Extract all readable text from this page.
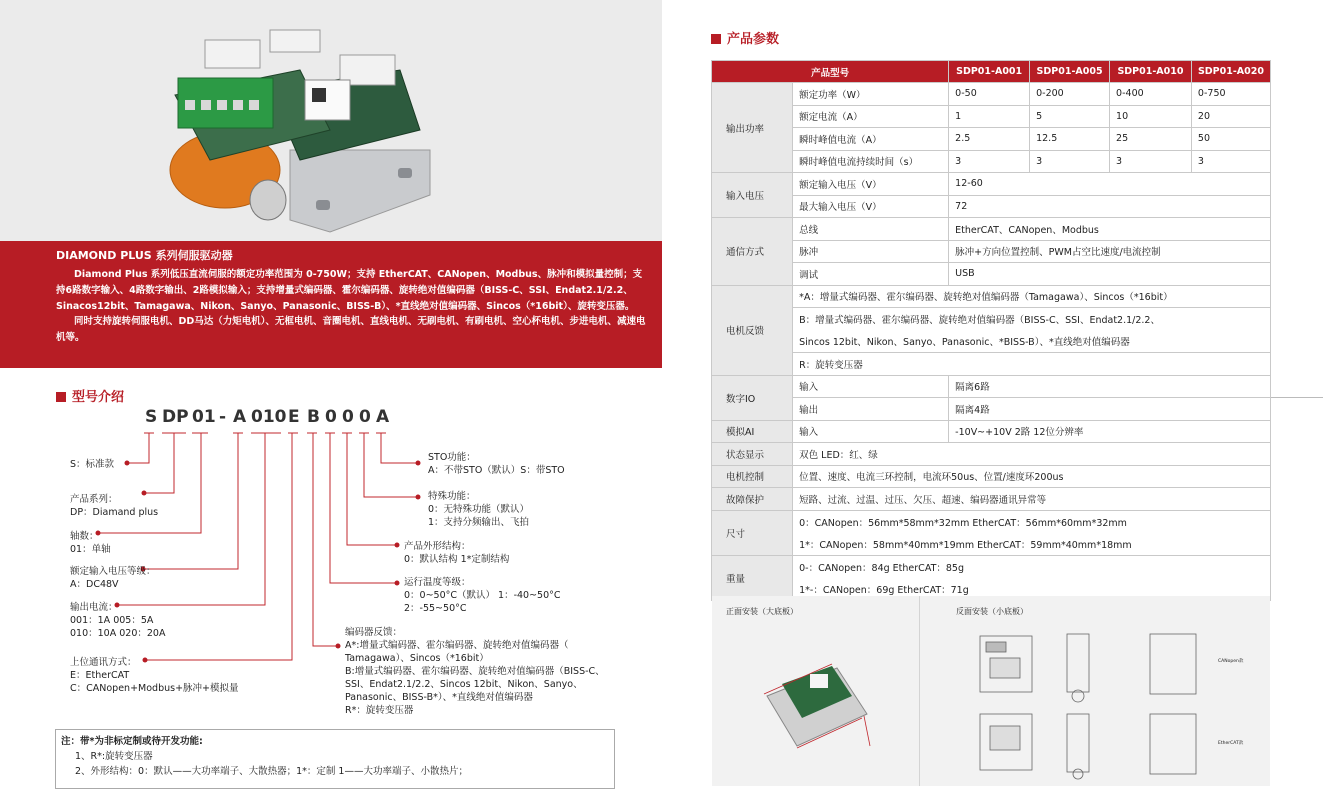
DIAMOND PLUS 系列伺服驱动器

Diamond Plus 系列低压直流伺服的额定功率范围为 0-750W；支持 EtherCAT、CANopen、Modbus、脉冲和模拟量控制；支持6路数字输入、4路数字输出、2路模拟输入；支持增量式编码器、霍尔编码器、旋转绝对值编码器（BISS-C、SSI、Endat2.1/2.2、Sinacos12bit、Tamagawa、Nikon、Sanyo、Panasonic、BISS-B）、*直线绝对值编码器、Sincos（*16bit）、旋转变压器。

同时支持旋转伺服电机、DD马达（力矩电机）、无框电机、音圈电机、直线电机、无刷电机、有刷电机、空心杯电机、步进电机、减速电机等。

型号介绍
S DP 01 - A 010 E B 0 0 0 A
S：标准款
产品系列：
DP：Diamand plus
轴数：
01：单轴
额定输入电压等级：
A：DC48V
输出电流：
001：1A 005：5A
010：10A 020：20A
上位通讯方式：
E：EtherCAT
C：CANopen+Modbus+脉冲+模拟量
STO功能：
A：不带STO（默认）S：带STO
特殊功能：
0：无特殊功能（默认）
1：支持分频输出、飞拍
产品外形结构：
0：默认结构 1*定制结构
运行温度等级：
0：0~50°C（默认） 1：-40~50°C
2：-55~50°C
编码器反馈：
A*:增量式编码器、霍尔编码器、旋转绝对值编码器（
Tamagawa）、Sincos（*16bit）
B:增量式编码器、霍尔编码器、旋转绝对值编码器（BISS-C、
SSI、Endat2.1/2.2、Sincos 12bit、Nikon、Sanyo、
Panasonic、BISS-B*）、*直线绝对值编码器
R*：旋转变压器
注：带*为非标定制或待开发功能:
1、R*:旋转变压器
2、外形结构：0：默认——大功率端子、大散热器；1*：定制 1——大功率端子、小散热片；
产品参数
产品型号		SDP01-A001	SDP01-A005	SDP01-A010	SDP01-A020
输出功率	额定功率（W）	0-50	0-200	0-400	0-750
	额定电流（A）	1	5	10	20
	瞬时峰值电流（A）	2.5	12.5	25	50
	瞬时峰值电流持续时间（s）	3	3	3	3
输入电压	额定输入电压（V）	12-60			
	最大输入电压（V）	72			
通信方式	总线	EtherCAT、CANopen、Modbus			
	脉冲	脉冲+方向位置控制、PWM占空比速度/电流控制			
	调试	USB			
电机反馈	*A：增量式编码器、霍尔编码器、旋转绝对值编码器（Tamagawa）、Sincos（*16bit）				
	B：增量式编码器、霍尔编码器、旋转绝对值编码器（BISS-C、SSI、Endat2.1/2.2、				
	Sincos 12bit、Nikon、Sanyo、Panasonic、*BISS-B）、*直线绝对值编码器				
	R：旋转变压器				
数字IO	输入	隔离6路			
	输出	隔离4路			
模拟AI	输入	-10V~+10V 2路 12位分辨率			
状态显示	双色 LED：红、绿				
电机控制	位置、速度、电流三环控制，电流环50us、位置/速度环200us				
故障保护	短路、过流、过温、过压、欠压、超速、编码器通讯异常等				
尺寸	0：CANopen：56mm*58mm*32mm EtherCAT：56mm*60mm*32mm				
	1*：CANopen：58mm*40mm*19mm EtherCAT：59mm*40mm*18mm				
重量	0-：CANopen：84g EtherCAT：85g				
	1*-：CANopen：69g EtherCAT：71g				
正面安装（大底板）	反面安装（小底板）
CANopen款
EtherCAT款
